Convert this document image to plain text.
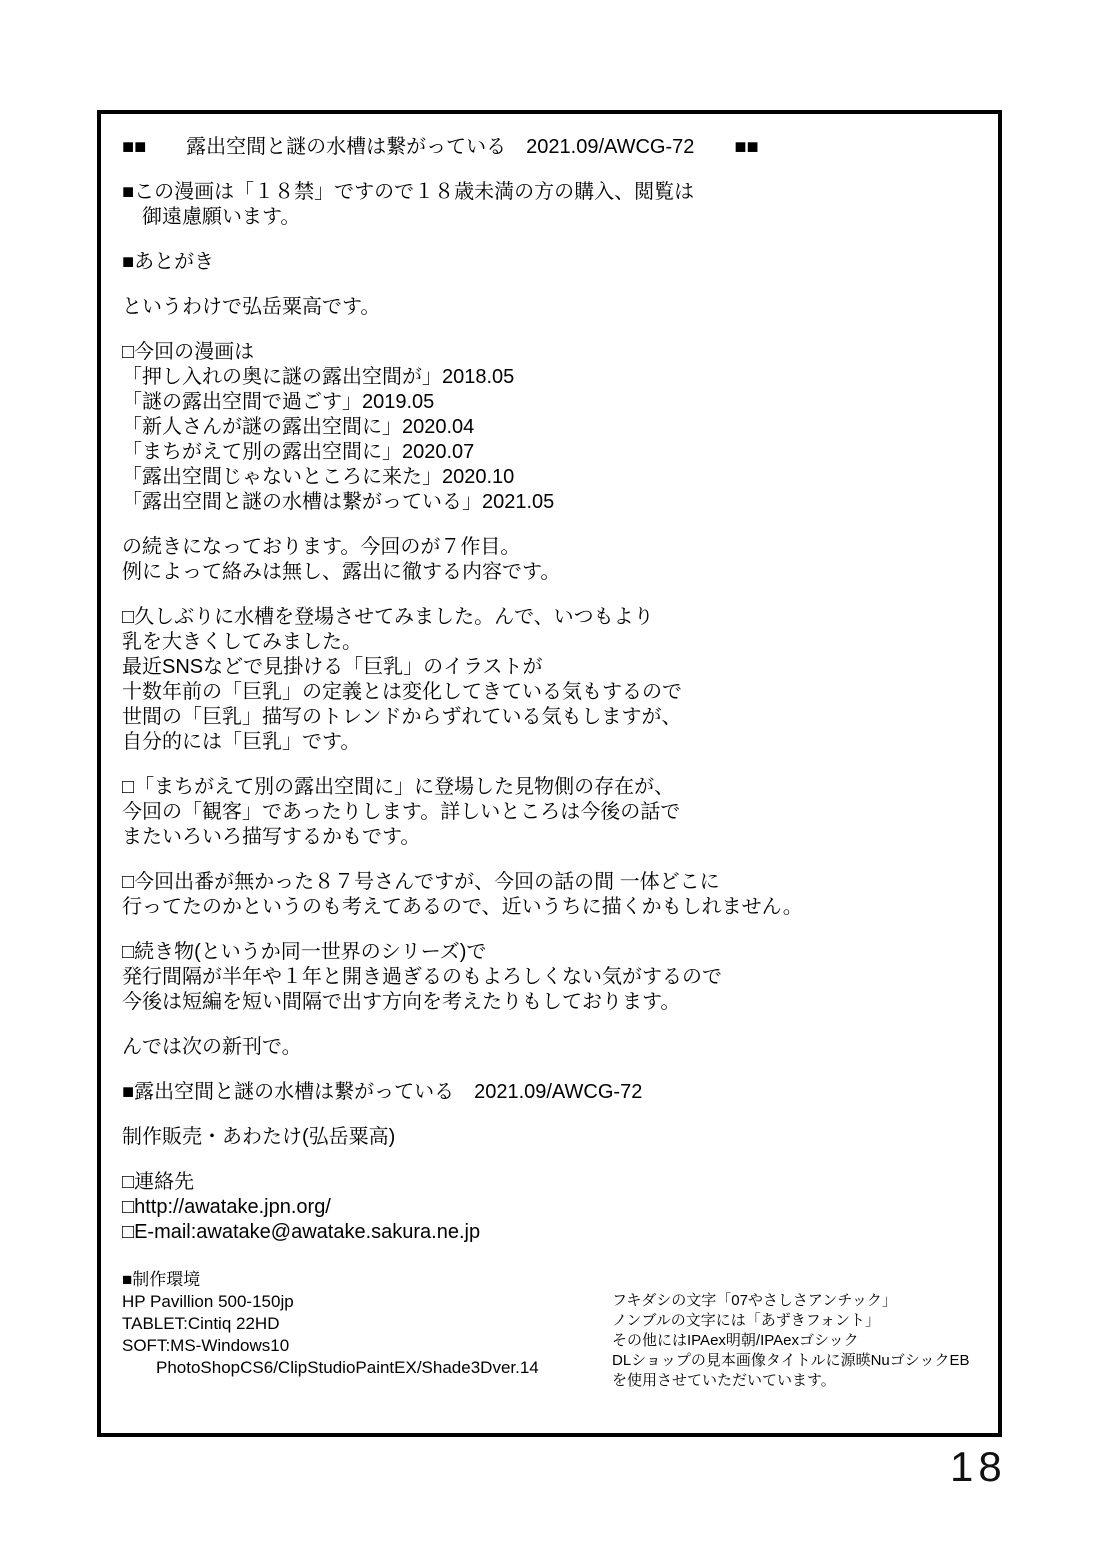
■■　　露出空間と謎の水槽は繋がっている　2021.09/AWCG-72　　■■
■この漫画は「１８禁」ですので１８歳未満の方の購入、閲覧は
　御遠慮願います。
■あとがき
というわけで弘岳粟高です。
□今回の漫画は
「押し入れの奥に謎の露出空間が」2018.05
「謎の露出空間で過ごす」2019.05
「新人さんが謎の露出空間に」2020.04
「まちがえて別の露出空間に」2020.07
「露出空間じゃないところに来た」2020.10
「露出空間と謎の水槽は繋がっている」2021.05
の続きになっております。今回のが７作目。
例によって絡みは無し、露出に徹する内容です。
□久しぶりに水槽を登場させてみました。んで、いつもより
乳を大きくしてみました。
最近SNSなどで見掛ける「巨乳」のイラストが
十数年前の「巨乳」の定義とは変化してきている気もするので
世間の「巨乳」描写のトレンドからずれている気もしますが、
自分的には「巨乳」です。
□「まちがえて別の露出空間に」に登場した見物側の存在が、
今回の「観客」であったりします。詳しいところは今後の話で
またいろいろ描写するかもです。
□今回出番が無かった８７号さんですが、今回の話の間 一体どこに
行ってたのかというのも考えてあるので、近いうちに描くかもしれません。
□続き物(というか同一世界のシリーズ)で
発行間隔が半年や１年と開き過ぎるのもよろしくない気がするので
今後は短編を短い間隔で出す方向を考えたりもしております。
んでは次の新刊で。
■露出空間と謎の水槽は繋がっている　2021.09/AWCG-72
制作販売・あわたけ(弘岳粟高)
□連絡先
□http://awatake.jpn.org/
□E-mail:awatake@awatake.sakura.ne.jp
■制作環境
HP Pavillion 500-150jp
TABLET:Cintiq 22HD
SOFT:MS-Windows10
　　PhotoShopCS6/ClipStudioPaintEX/Shade3Dver.14
フキダシの文字「07やさしさアンチック」
ノンブルの文字には「あずきフォント」
その他にはIPAex明朝/IPAexゴシック
DLショップの見本画像タイトルに源暎NuゴシックEB
を使用させていただいています。
18
